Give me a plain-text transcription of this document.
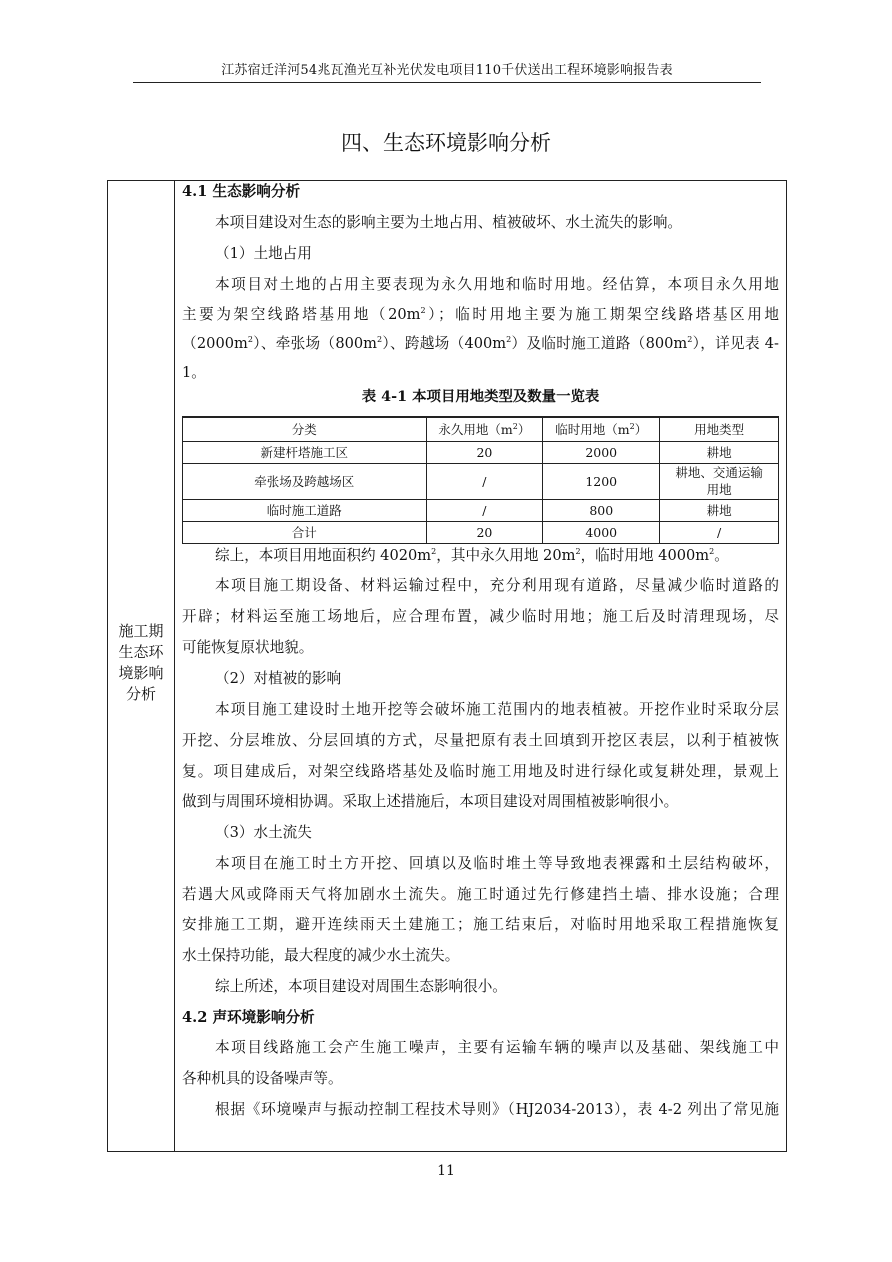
江苏宿迁洋河54兆瓦渔光互补光伏发电项目110千伏送出工程环境影响报告表
四、生态环境影响分析
施工期生态环境影响分析
4.1 生态影响分析
本项目建设对生态的影响主要为土地占用、植被破坏、水土流失的影响。
（1）土地占用
本项目对土地的占用主要表现为永久用地和临时用地。经估算，本项目永久用地
主要为架空线路塔基用地$(20m^2)$；临时用地主要为施工期架空线路塔基区用地
$(2000m^2)$、牵张场$(800m^2)$、跨越场$(400m^2)$及临时施工道路$(800m^2)$，详见表 4-
1。
表 4-1 本项目用地类型及数量一览表
分类	永久用地$(m^2)$	临时用地$(m^2)$	用地类型
新建杆塔施工区	20	2000	耕地
牵张场及跨越场区	/	1200	耕地、交通运输
用地
临时施工道路	/	800	耕地
合计	20	4000	/
综上，本项目用地面积约 $4020m^2$，其中永久用地 $20m^2$，临时用地 $4000m^2$。
本项目施工期设备、材料运输过程中，充分利用现有道路，尽量减少临时道路的
开辟；材料运至施工场地后，应合理布置，减少临时用地；施工后及时清理现场，尽
可能恢复原状地貌。
（2）对植被的影响
本项目施工建设时土地开挖等会破坏施工范围内的地表植被。开挖作业时采取分层
开挖、分层堆放、分层回填的方式，尽量把原有表土回填到开挖区表层，以利于植被恢
复。项目建成后，对架空线路塔基处及临时施工用地及时进行绿化或复耕处理，景观上
做到与周围环境相协调。采取上述措施后，本项目建设对周围植被影响很小。
（3）水土流失
本项目在施工时土方开挖、回填以及临时堆土等导致地表裸露和土层结构破坏，
若遇大风或降雨天气将加剧水土流失。施工时通过先行修建挡土墙、排水设施；合理
安排施工工期，避开连续雨天土建施工；施工结束后，对临时用地采取工程措施恢复
水土保持功能，最大程度的减少水土流失。
综上所述，本项目建设对周围生态影响很小。
4.2 声环境影响分析
本项目线路施工会产生施工噪声，主要有运输车辆的噪声以及基础、架线施工中
各种机具的设备噪声等。
根据《环境噪声与振动控制工程技术导则》（HJ2034-2013），表 4-2 列出了常见施
11
